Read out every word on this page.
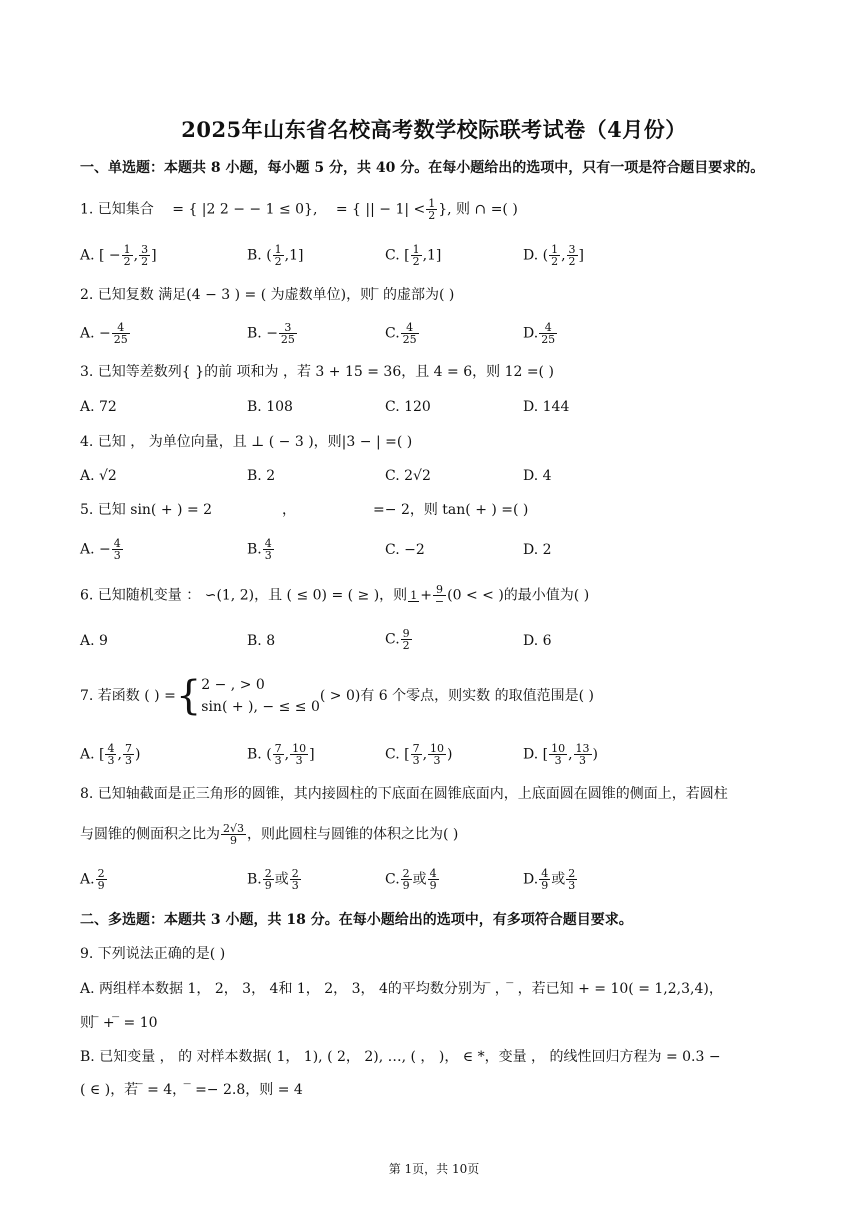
2025年山东省名校高考数学校际联考试卷（4月份）
一、单选题：本题共 8 小题，每小题 5 分，共 40 分。在每小题给出的选项中，只有一项是符合题目要求的。
1. 已知集合 　= { |2 2 − − 1 ≤ 0}, 　= { || − $1| < \frac{1}{2}$ }, 则 ∩ =( )
A. [ − $\frac{1}{2}$ , $\frac{3}{2}$ ]	B. ( $\frac{1}{2} ,1$]	C. [ $\frac{1}{2} ,1$]	D. ( $\frac{1}{2}$ , $\frac{3}{2}$ ]
2. 已知复数 满足(4 − 3 ) = ( 为虚数单位)，则 ̅ 的虚部为( )
A. − $\frac{4}{25}$	B. − $\frac{3}{25}$	C. $\frac{4}{25}$	D. $\frac{4}{25}$
3. 已知等差数列{ }的前 项和为 ，若 3 + 15 = 36，且 4 = 6，则 12 =( )
A. 72	B. 108	C. 120	D. 144
4. 已知 ， 为单位向量，且 ⊥ ( − 3 )，则|3 − | =( )
A. √2	B. 2	C. 2√2	D. 4
5. 已知 sin( + ) = 2　　　　　，　　　　　　=− 2，则 tan( + ) =( )
A. − $\frac{4}{3}$	B. $\frac{4}{3}$	C. −2	D. 2
6. 已知随机变量 ： ∽(1, 2)，且 ( ≤ 0) = ( ≥ )，则 $1 + \frac{9}{-} (0$ < < )的最小值为( )
A. 9	B. 8	C. $\frac{9}{2}$	D. 6
7. 若函数 ( ) ={ 2 − , > 0
sin( + ), − ≤ ≤ 0
( > 0)有 6 个零点，则实数 的取值范围是( )
A. [ $\frac{4}{3}$ , $\frac{7}{3}$ )	B. ( $\frac{7}{3}$ , $\frac{10}{3}$ ]	C. [ $\frac{7}{3}$ , $\frac{10}{3}$ )	D. [ $\frac{10}{3}$ , $\frac{13}{3}$ )
8. 已知轴截面是正三角形的圆锥，其内接圆柱的下底面在圆锥底面内，上底面圆在圆锥的侧面上，若圆柱
与圆锥的侧面积之比为 $\frac{2√3}{9}$ ，则此圆柱与圆锥的体积之比为( )
A. $\frac{2}{9}$	B. $\frac{2}{9}$ 或 $\frac{2}{3}$	C. $\frac{2}{9}$ 或 $\frac{4}{9}$	D. $\frac{4}{9}$ 或 $\frac{2}{3}$
二、多选题：本题共 3 小题，共 18 分。在每小题给出的选项中，有多项符合题目要求。
9. 下列说法正确的是( )
A. 两组样本数据 1， 2， 3， 4和 1， 2， 3， 4的平均数分别为 ̅ ， ̅ ，若已知 + = 10( = 1,2,3,4)，
则 ̅ + ̅ = 10
B. 已知变量 ， 的 对样本数据( 1， 1), ( 2， 2), …, ( ， )， ∈ *，变量 ， 的线性回归方程为 = 0.3 −
( ∈ )，若 ̅ = 4， ̅ =− 2.8，则 = 4
第 1页，共 10页
